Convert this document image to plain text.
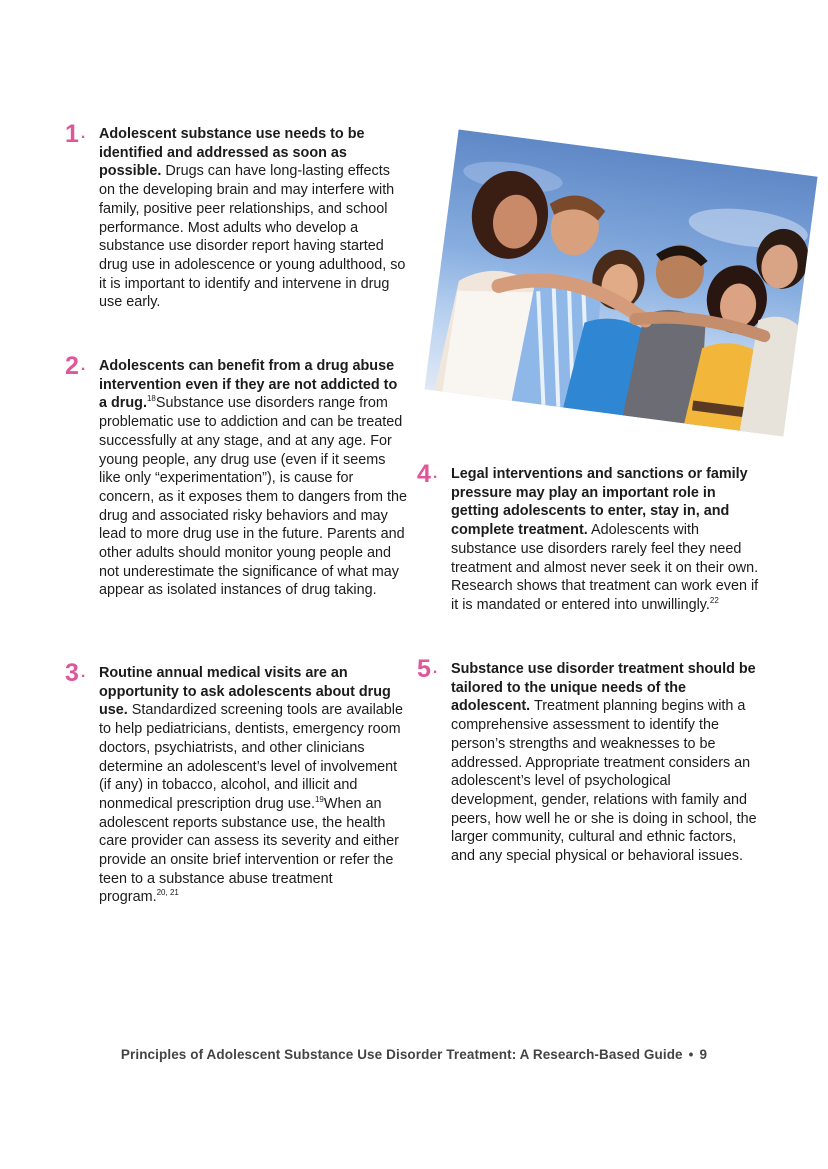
1 . Adolescent substance use needs to be identified and addressed as soon as possible. Drugs can have long-lasting effects on the developing brain and may interfere with family, positive peer relationships, and school performance. Most adults who develop a substance use disorder report having started drug use in adolescence or young adulthood, so it is important to identify and intervene in drug use early.

2 . Adolescents can benefit from a drug abuse intervention even if they are not addicted to a drug.$^{18}$Substance use disorders range from problematic use to addiction and can be treated successfully at any stage, and at any age. For young people, any drug use (even if it seems like only “experimentation”), is cause for concern, as it exposes them to dangers from the drug and associated risky behaviors and may lead to more drug use in the future. Parents and other adults should monitor young people and not underestimate the significance of what may appear as isolated instances of drug taking.

3 . Routine annual medical visits are an opportunity to ask adolescents about drug use. Standardized screening tools are available to help pediatricians, dentists, emergency room doctors, psychiatrists, and other clinicians determine an adolescent’s level of involvement (if any) in tobacco, alcohol, and illicit and nonmedical prescription drug use.$^{19}$When an adolescent reports substance use, the health care provider can assess its severity and either provide an onsite brief intervention or refer the teen to a substance abuse treatment program.$^{20, 21}$

4 . Legal interventions and sanctions or family pressure may play an important role in getting adolescents to enter, stay in, and complete treatment. Adolescents with substance use disorders rarely feel they need treatment and almost never seek it on their own. Research shows that treatment can work even if it is mandated or entered into unwillingly.$^{22}$

5 . Substance use disorder treatment should be tailored to the unique needs of the adolescent. Treatment planning begins with a comprehensive assessment to identify the person’s strengths and weaknesses to be addressed. Appropriate treatment considers an adolescent’s level of psychological development, gender, relations with family and peers, how well he or she is doing in school, the larger community, cultural and ethnic factors, and any special physical or behavioral issues.

Principles of Adolescent Substance Use Disorder Treatment: A Research-Based Guide • 9
